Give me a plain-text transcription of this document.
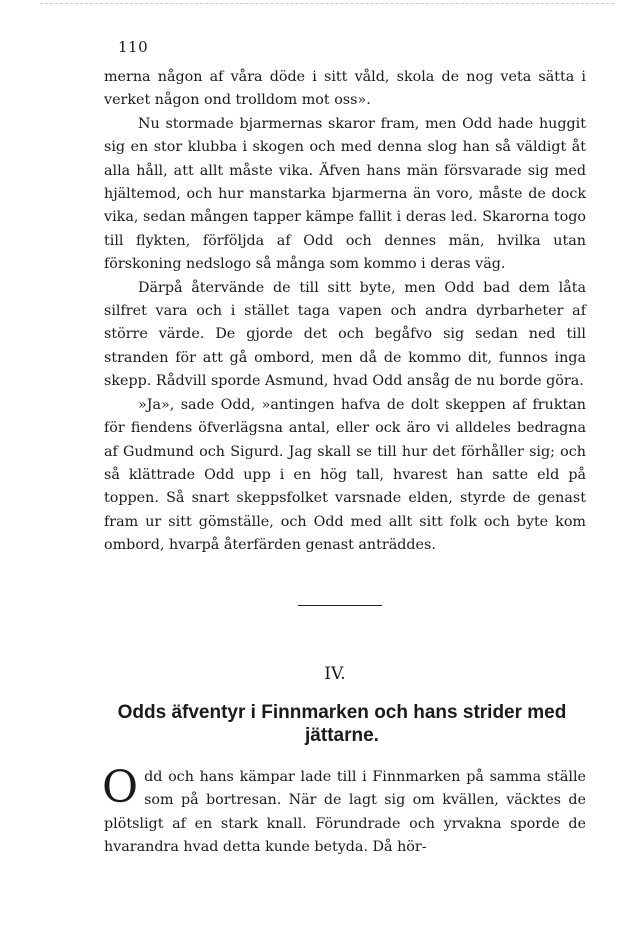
110

merna någon af våra döde i sitt våld, skola de nog veta sätta i verket någon ond trolldom mot oss».

Nu stormade bjarmernas skaror fram, men Odd hade huggit sig en stor klubba i skogen och med denna slog han så väldigt åt alla håll, att allt måste vika. Äfven hans män försvarade sig med hjältemod, och hur manstarka bjarmerna än voro, måste de dock vika, sedan mången tapper kämpe fallit i deras led. Skarorna togo till flykten, förföljda af Odd och dennes män, hvilka utan förskoning nedslogo så många som kommo i deras väg.

Därpå återvände de till sitt byte, men Odd bad dem låta silfret vara och i stället taga vapen och andra dyrbarheter af större värde. De gjorde det och begåfvo sig sedan ned till stranden för att gå ombord, men då de kommo dit, funnos inga skepp. Rådvill sporde Asmund, hvad Odd ansåg de nu borde göra.

»Ja», sade Odd, »antingen hafva de dolt skeppen af fruktan för fiendens öfverlägsna antal, eller ock äro vi alldeles bedragna af Gudmund och Sigurd. Jag skall se till hur det förhåller sig; och så klättrade Odd upp i en hög tall, hvarest han satte eld på toppen. Så snart skeppsfolket varsnade elden, styrde de genast fram ur sitt gömställe, och Odd med allt sitt folk och byte kom ombord, hvarpå återfärden genast anträddes.

IV.
Odds äfventyr i Finnmarken och hans strider med jättarne.

Odd och hans kämpar lade till i Finnmarken på samma ställe som på bortresan. När de lagt sig om kvällen, väcktes de plötsligt af en stark knall. Förundrade och yrvakna sporde de hvarandra hvad detta kunde betyda. Då hör-
